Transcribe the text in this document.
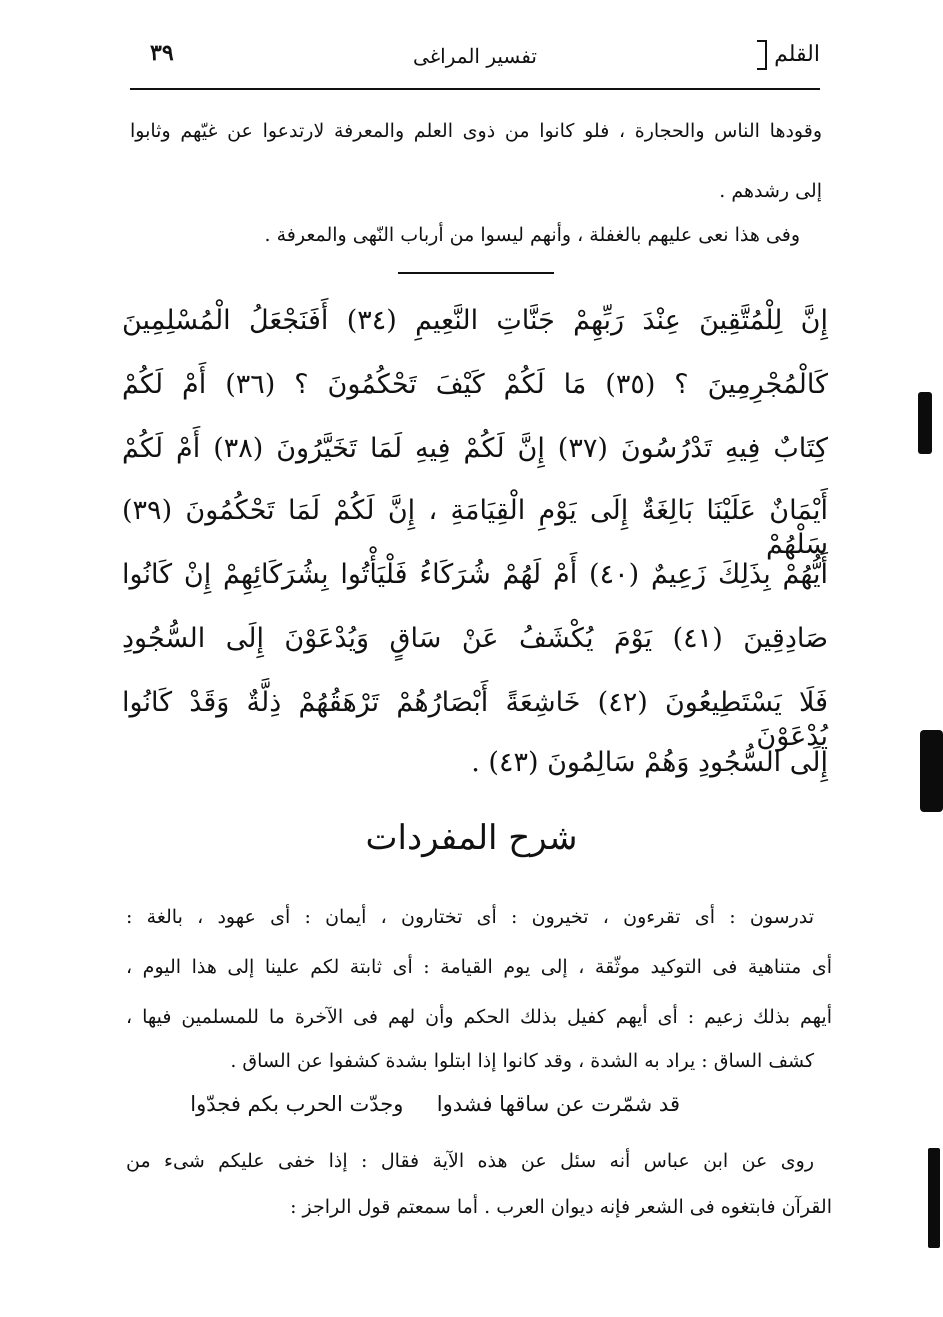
القلم
تفسير المراغى
٣٩
وقودها الناس والحجارة ، فلو كانوا من ذوى العلم والمعرفة لارتدعوا عن غيّهم وثابوا
إلى رشدهم .
وفى هذا نعى عليهم بالغفلة ، وأنهم ليسوا من أرباب النّهى والمعرفة .
إِنَّ لِلْمُتَّقِينَ عِنْدَ رَبِّهِمْ جَنَّاتِ النَّعِيمِ (٣٤) أَفَنَجْعَلُ الْمُسْلِمِينَ
كَالْمُجْرِمِينَ ؟ (٣٥) مَا لَكُمْ كَيْفَ تَحْكُمُونَ ؟ (٣٦) أَمْ لَكُمْ
كِتَابٌ فِيهِ تَدْرُسُونَ (٣٧) إِنَّ لَكُمْ فِيهِ لَمَا تَخَيَّرُونَ (٣٨) أَمْ لَكُمْ
أَيْمَانٌ عَلَيْنَا بَالِغَةٌ إِلَى يَوْمِ الْقِيَامَةِ ، إِنَّ لَكُمْ لَمَا تَحْكُمُونَ (٣٩) سَلْهُمْ
أَيُّهُمْ بِذَلِكَ زَعِيمٌ (٤٠) أَمْ لَهُمْ شُرَكَاءُ فَلْيَأْتُوا بِشُرَكَائِهِمْ إِنْ كَانُوا
صَادِقِينَ (٤١) يَوْمَ يُكْشَفُ عَنْ سَاقٍ وَيُدْعَوْنَ إِلَى السُّجُودِ
فَلَا يَسْتَطِيعُونَ (٤٢) خَاشِعَةً أَبْصَارُهُمْ تَرْهَقُهُمْ ذِلَّةٌ وَقَدْ كَانُوا يُدْعَوْنَ
إِلَى السُّجُودِ وَهُمْ سَالِمُونَ (٤٣) .
شرح المفردات
تدرسون : أى تقرءون ، تخيرون : أى تختارون ، أيمان : أى عهود ، بالغة :
أى متناهية فى التوكيد موثّقة ، إلى يوم القيامة : أى ثابتة لكم علينا إلى هذا اليوم ،
أيهم بذلك زعيم : أى أيهم كفيل بذلك الحكم وأن لهم فى الآخرة ما للمسلمين فيها ،
كشف الساق : يراد به الشدة ، وقد كانوا إذا ابتلوا بشدة كشفوا عن الساق .
قد شمّرت عن ساقها فشدوا     وجدّت الحرب بكم فجدّوا
روى عن ابن عباس أنه سئل عن هذه الآية فقال : إذا خفى عليكم شىء من
القرآن فابتغوه فى الشعر فإنه ديوان العرب . أما سمعتم قول الراجز :
